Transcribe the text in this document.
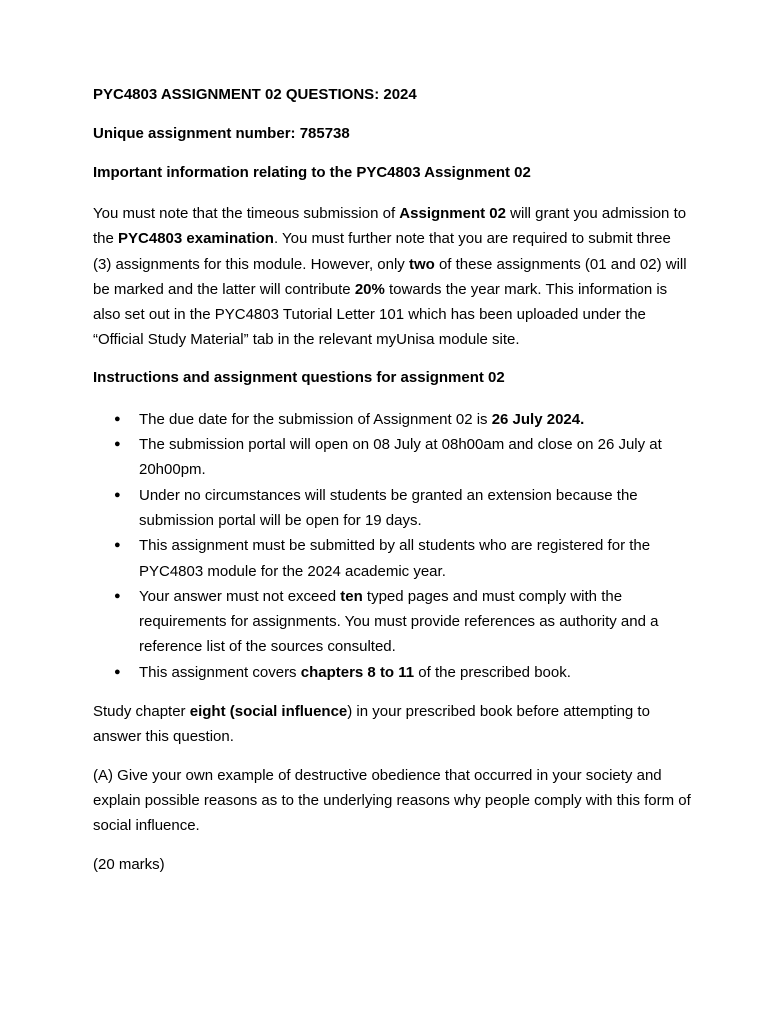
PYC4803 ASSIGNMENT 02 QUESTIONS: 2024

Unique assignment number: 785738

Important information relating to the PYC4803 Assignment 02

You must note that the timeous submission of Assignment 02 will grant you admission to the PYC4803 examination. You must further note that you are required to submit three (3) assignments for this module. However, only two of these assignments (01 and 02) will be marked and the latter will contribute 20% towards the year mark. This information is also set out in the PYC4803 Tutorial Letter 101 which has been uploaded under the “Official Study Material” tab in the relevant myUnisa module site.

Instructions and assignment questions for assignment 02

● The due date for the submission of Assignment 02 is 26 July 2024.
● The submission portal will open on 08 July at 08h00am and close on 26 July at 20h00pm.
● Under no circumstances will students be granted an extension because the submission portal will be open for 19 days.
● This assignment must be submitted by all students who are registered for the PYC4803 module for the 2024 academic year.
● Your answer must not exceed ten typed pages and must comply with the requirements for assignments. You must provide references as authority and a reference list of the sources consulted.
● This assignment covers chapters 8 to 11 of the prescribed book.

Study chapter eight (social influence) in your prescribed book before attempting to answer this question.

(A) Give your own example of destructive obedience that occurred in your society and explain possible reasons as to the underlying reasons why people comply with this form of social influence.

(20 marks)
